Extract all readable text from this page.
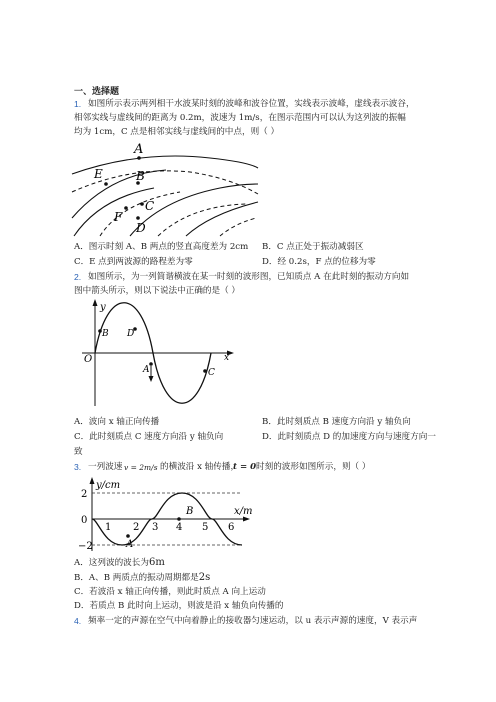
一、选择题
1. 如图所示表示两列相干水波某时刻的波峰和波谷位置，实线表示波峰，虚线表示波谷，
相邻实线与虚线间的距离为 0.2m，波速为 1m/s，在图示范围内可以认为这列波的振幅
均为 1cm，C 点是相邻实线与虚线间的中点，则（ ）
A
B
C
D
E
F
A．图示时刻 A、B 两点的竖直高度差为 2cm B．C 点正处于振动减弱区
C．E 点到两波源的路程差为零	D．经 0.2s，F 点的位移为零
2. 如图所示，为一列简谐横波在某一时刻的波形图，已知质点 A 在此时刻的振动方向如
图中箭头所示，则以下说法中正确的是（ ）
y
x
O
B D
A	C
A．波向 x 轴正向传播	B．此时刻质点 B 速度方向沿 y 轴负向
C．此时刻质点 C 速度方向沿 y 轴负向	D．此时刻质点 D 的加速度方向与速度方向一
致
3. 一列波速 v = 2m/s 的横波沿 x 轴传播，
t = 0 时刻的波形如图所示，则（ ）
y/cm
x/m
2
0
−2
1 2 3 4 5 6
A
B
A．这列波的波长为6m
B．A、B 两质点的振动周期都是2s
C．若波沿 x 轴正向传播，则此时质点 A 向上运动
D．若质点 B 此时向上运动，则波是沿 x 轴负向传播的
4. 频率一定的声源在空气中向着静止的接收器匀速运动，以 u 表示声源的速度，V 表示声
